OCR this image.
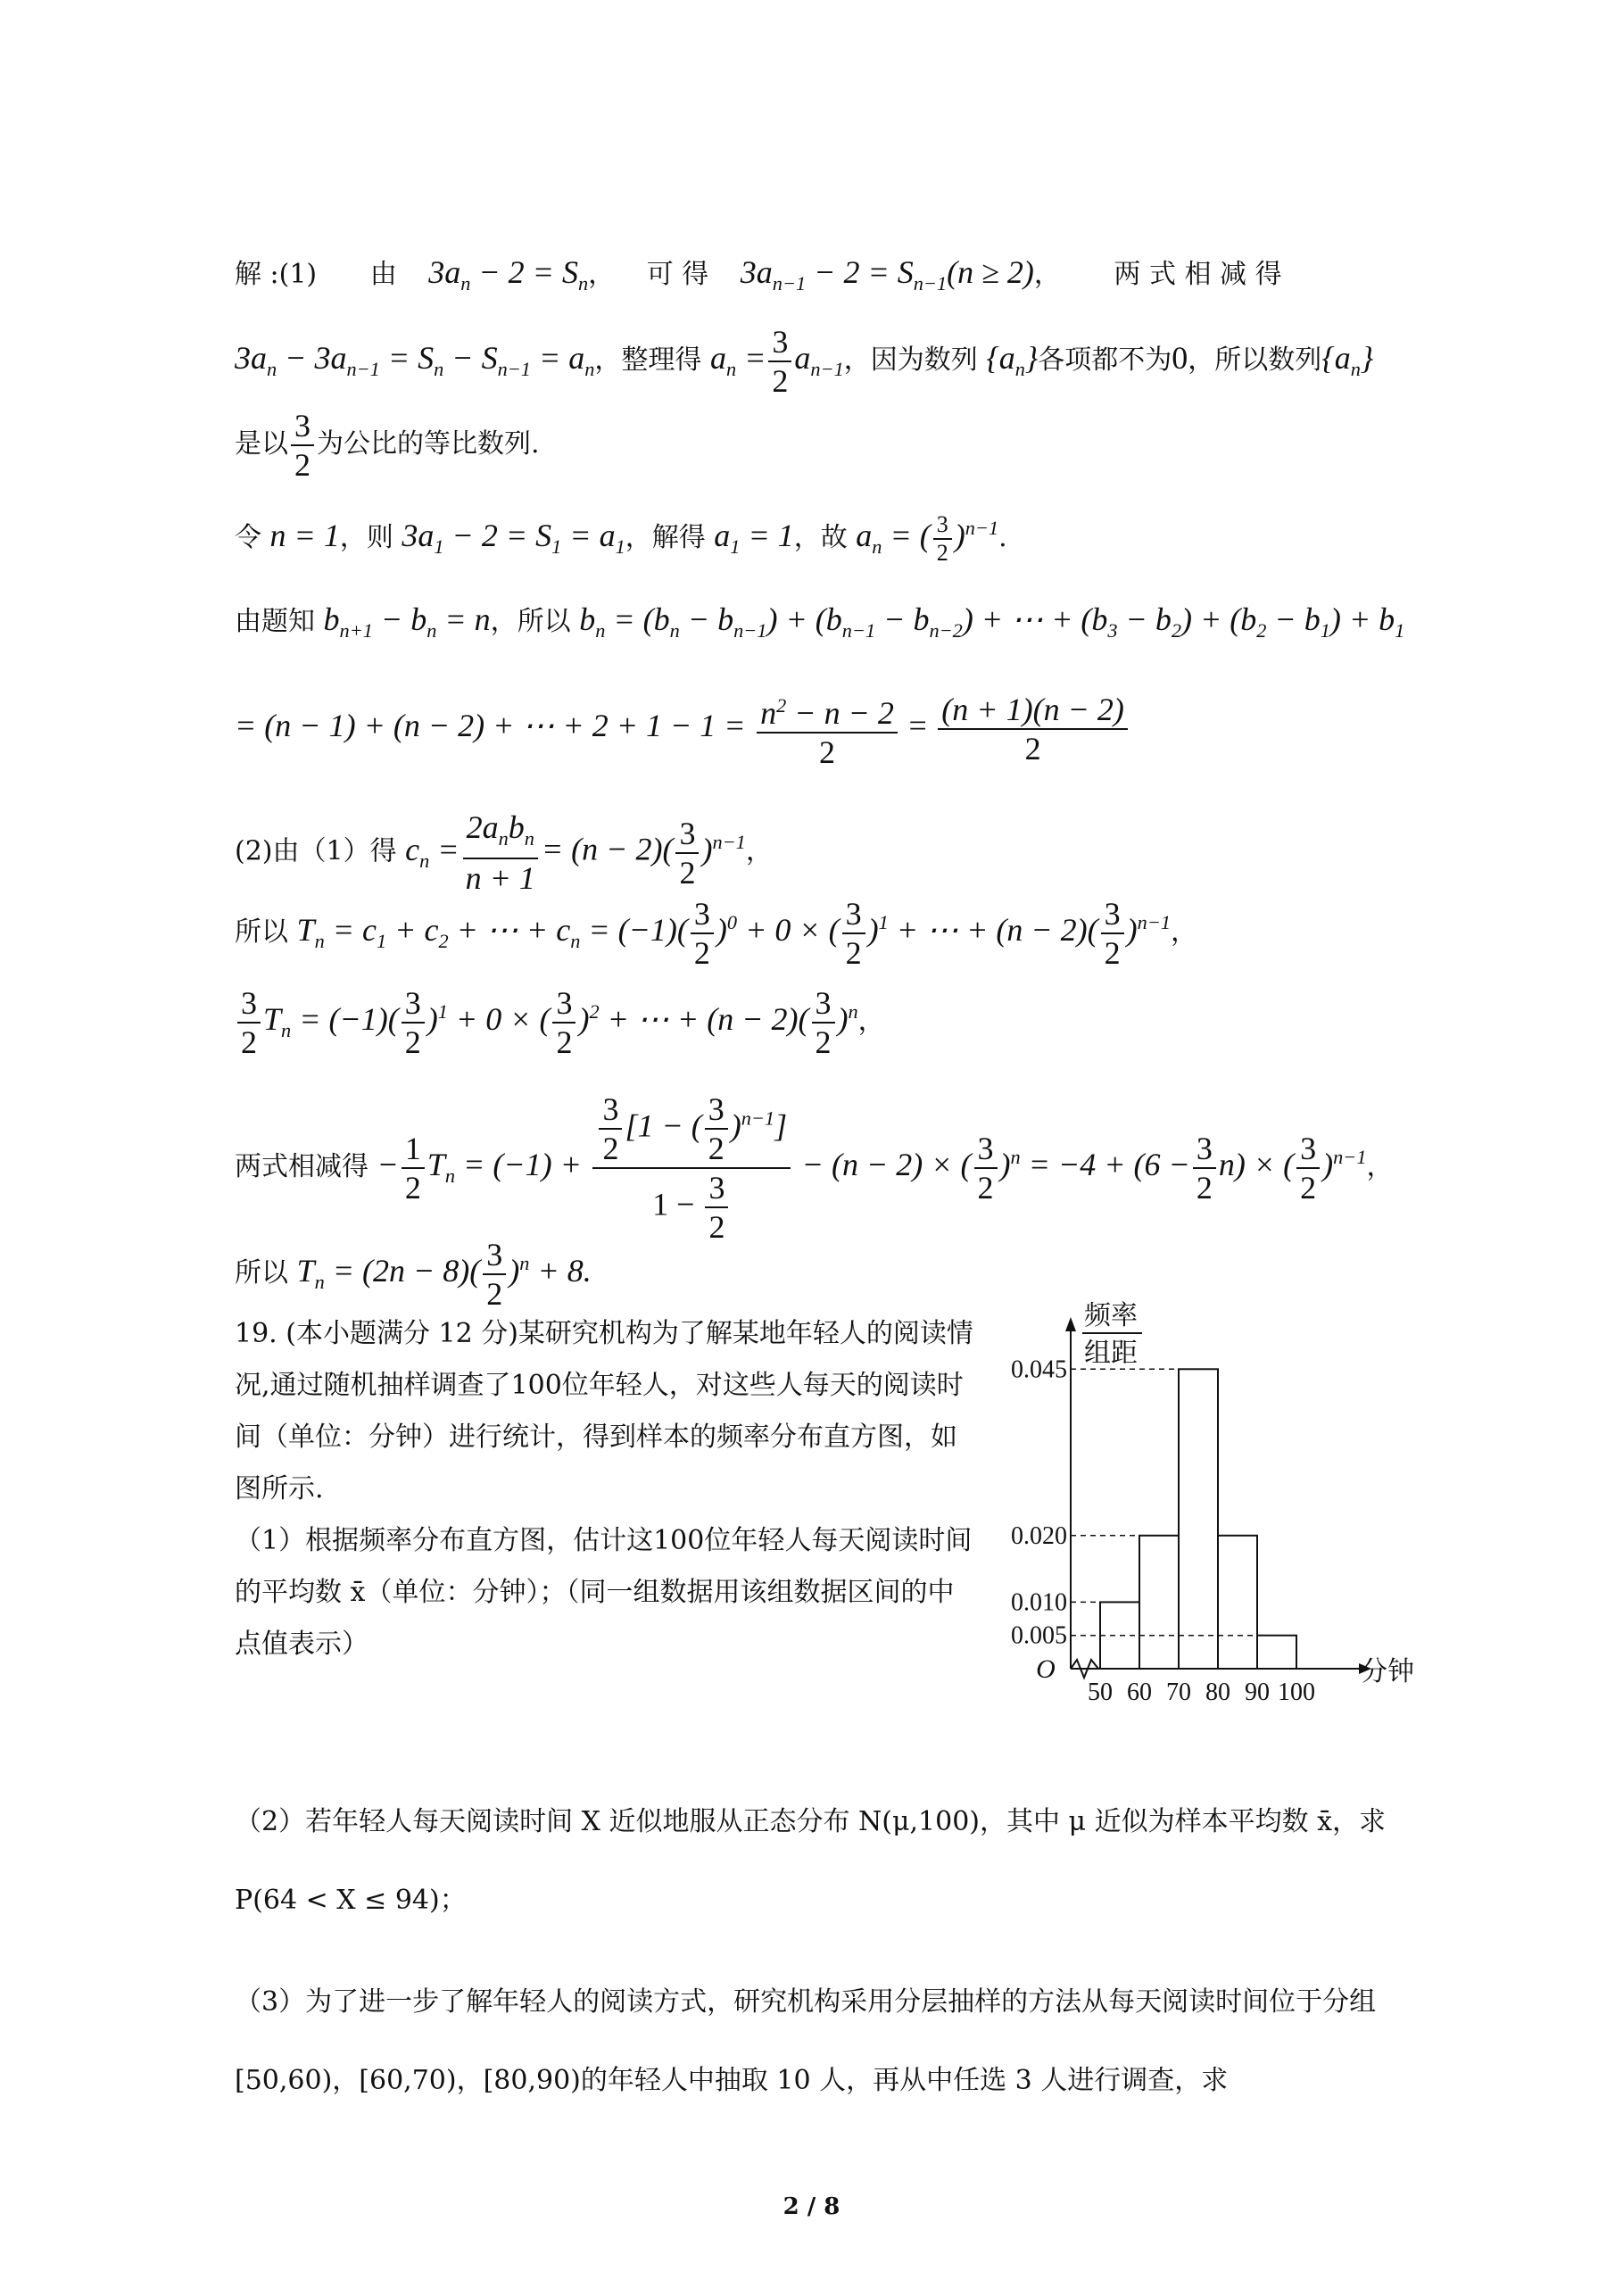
解 :(1) 由 $3a_n - 2 = S_n$， 可 得 $3a_{n-1} - 2 = S_{n-1}(n \ge 2)$， 两 式 相 减 得
$3a_n - 3a_{n-1} = S_n - S_{n-1} = a_n$，整理得 $a_n = \frac{3}{2} a_{n-1}$，因为数列 $\{a_n\}$各项都不为0，所以数列$\{a_n\}$
是以 $\frac{3}{2}$ 为公比的等比数列.
令 n = 1，则 $3a_1 - 2 = S_1 = a_1$，解得 $a_1 = 1$，故 $a_n$ = ( $\frac{3}{2} )^{n-1}$.
由题知 $b_{n+1} - b_n = n$，所以 $b_n = (b_n - b_{n-1}) + (b_{n-1} - b_{n-2})$ + ⋯ + $(b_3 - b_2) + (b_2 - b_1) + b_1$
= (n − 1) + (n − 2) + ⋯ + $2 + 1 - 1 = \frac{n^2 - n - 2}{2} = \frac{(n + 1)(n - 2)}{2}$
(2)由（1）得 $c_n = \frac{2a_nb_n}{n + 1} = (n - 2)( \frac{3}{2} )^{n-1}$，
所以 $T_n = c_1 + c_2$ + ⋯ + $c_n = (-1)( \frac{3}{2} )^0 + 0$ × ( $\frac{3}{2} )^1$ + ⋯ + $(n - 2)( \frac{3}{2} )^{n-1}$，
$\frac{3}{2} T_n = (-1)( \frac{3}{2} )^1 + 0$ × ( $\frac{3}{2} )^2$ + ⋯ + $(n - 2)( \frac{3}{2} )^n$，
两式相减得 − $\frac{1}{2} T_n = (-1) + \frac{\frac{3}{2} [1 - ( \frac{3}{2} )^{n-1}]}{1 - \frac{3}{2}} - (n - 2)$ × ( $\frac{3}{2} )^n = -4 + (6 - \frac{3}{2} n)$ × ( $\frac{3}{2} )^{n-1}$，
所以 $T_n = (2n - 8)( \frac{3}{2} )^n + 8$.
19. (本小题满分 12 分)某研究机构为了解某地年轻人的阅读情况,通过随机抽样调查了100位年轻人，对这些人每天的阅读时间（单位：分钟）进行统计，得到样本的频率分布直方图，如图所示.
（1）根据频率分布直方图，估计这100位年轻人每天阅读时间的平均数 x̄（单位：分钟）；（同一组数据用该组数据区间的中点值表示）
（2）若年轻人每天阅读时间 X 近似地服从正态分布 N(μ,100)，其中 μ 近似为样本平均数 x̄，求 P(64 < X ≤ 94)；
（3）为了进一步了解年轻人的阅读方式，研究机构采用分层抽样的方法从每天阅读时间位于分组[50,60)，[60,70)，[80,90)的年轻人中抽取 10 人，再从中任选 3 人进行调查，求
O
频率
组距
分钟
0.005
0.010
0.020
0.045
50 60 70 80 90 100
2 / 8
